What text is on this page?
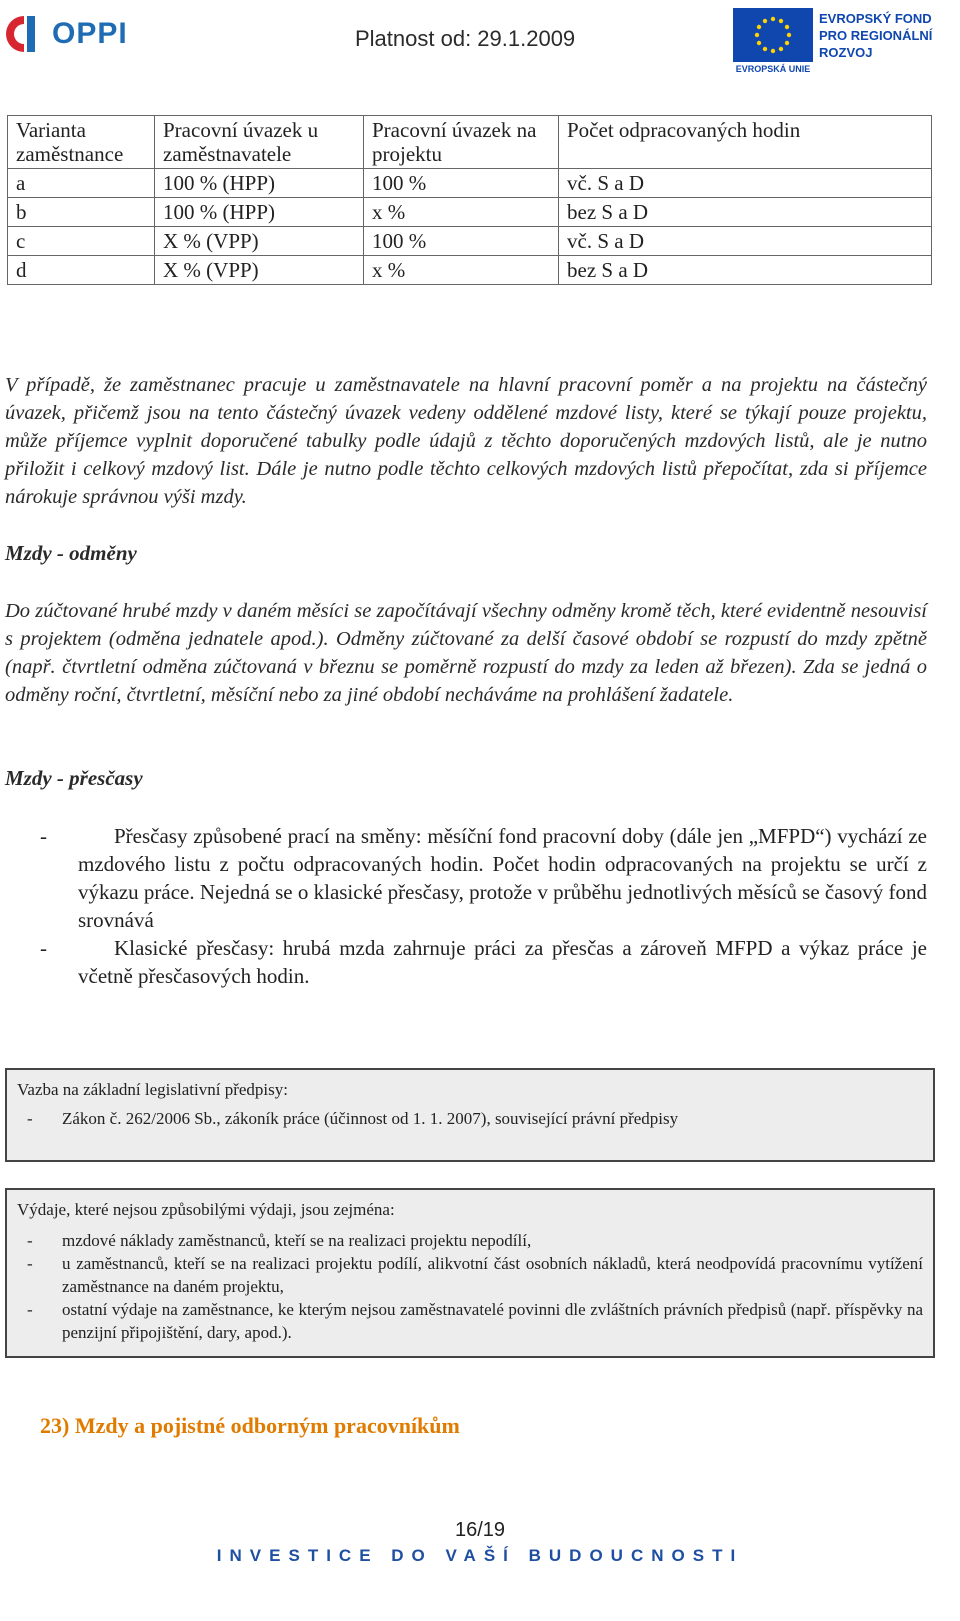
OPPI	Platnost od: 29.1.2009
EVROPSKÁ UNIE
EVROPSKÝ FOND
PRO REGIONÁLNÍ
ROZVOJ
Varianta zaměstnance	Pracovní úvazek u zaměstnavatele	Pracovní úvazek na projektu	Počet odpracovaných hodin
a	100 % (HPP)	100 %	vč. S a D
b	100 % (HPP)	x %	bez S a D
c	X % (VPP)	100 %	vč. S a D
d	X % (VPP)	x %	bez S a D
V případě, že zaměstnanec pracuje u zaměstnavatele na hlavní pracovní poměr a na projektu na částečný úvazek, přičemž jsou na tento částečný úvazek vedeny oddělené mzdové listy, které se týkají pouze projektu, může příjemce vyplnit doporučené tabulky podle údajů z těchto doporučených mzdových listů, ale je nutno přiložit i celkový mzdový list. Dále je nutno podle těchto celkových mzdových listů přepočítat, zda si příjemce nárokuje správnou výši mzdy.
Mzdy - odměny
Do zúčtované hrubé mzdy v daném měsíci se započítávají všechny odměny kromě těch, které evidentně nesouvisí s projektem (odměna jednatele apod.). Odměny zúčtované za delší časové období se rozpustí do mzdy zpětně (např. čtvrtletní odměna zúčtovaná v březnu se poměrně rozpustí do mzdy za leden až březen). Zda se jedná o odměny roční, čtvrtletní, měsíční nebo za jiné období necháváme na prohlášení žadatele.
Mzdy - přesčasy
-	Přesčasy způsobené prací na směny: měsíční fond pracovní doby (dále jen „MFPD“) vychází ze mzdového listu z počtu odpracovaných hodin. Počet hodin odpracovaných na projektu se určí z výkazu práce. Nejedná se o klasické přesčasy, protože v průběhu jednotlivých měsíců se časový fond srovnává
-	Klasické přesčasy: hrubá mzda zahrnuje práci za přesčas a zároveň MFPD a výkaz práce je včetně přesčasových hodin.
Vazba na základní legislativní předpisy:
- Zákon č. 262/2006 Sb., zákoník práce (účinnost od 1. 1. 2007), související právní předpisy
Výdaje, které nejsou způsobilými výdaji, jsou zejména:
- mzdové náklady zaměstnanců, kteří se na realizaci projektu nepodílí,
- u zaměstnanců, kteří se na realizaci projektu podílí, alikvotní část osobních nákladů, která neodpovídá pracovnímu vytížení zaměstnance na daném projektu,
- ostatní výdaje na zaměstnance, ke kterým nejsou zaměstnavatelé povinni dle zvláštních právních předpisů (např. příspěvky na penzijní připojištění, dary, apod.).
23) Mzdy a pojistné odborným pracovníkům
16/19
INVESTICE DO VAŠÍ BUDOUCNOSTI
